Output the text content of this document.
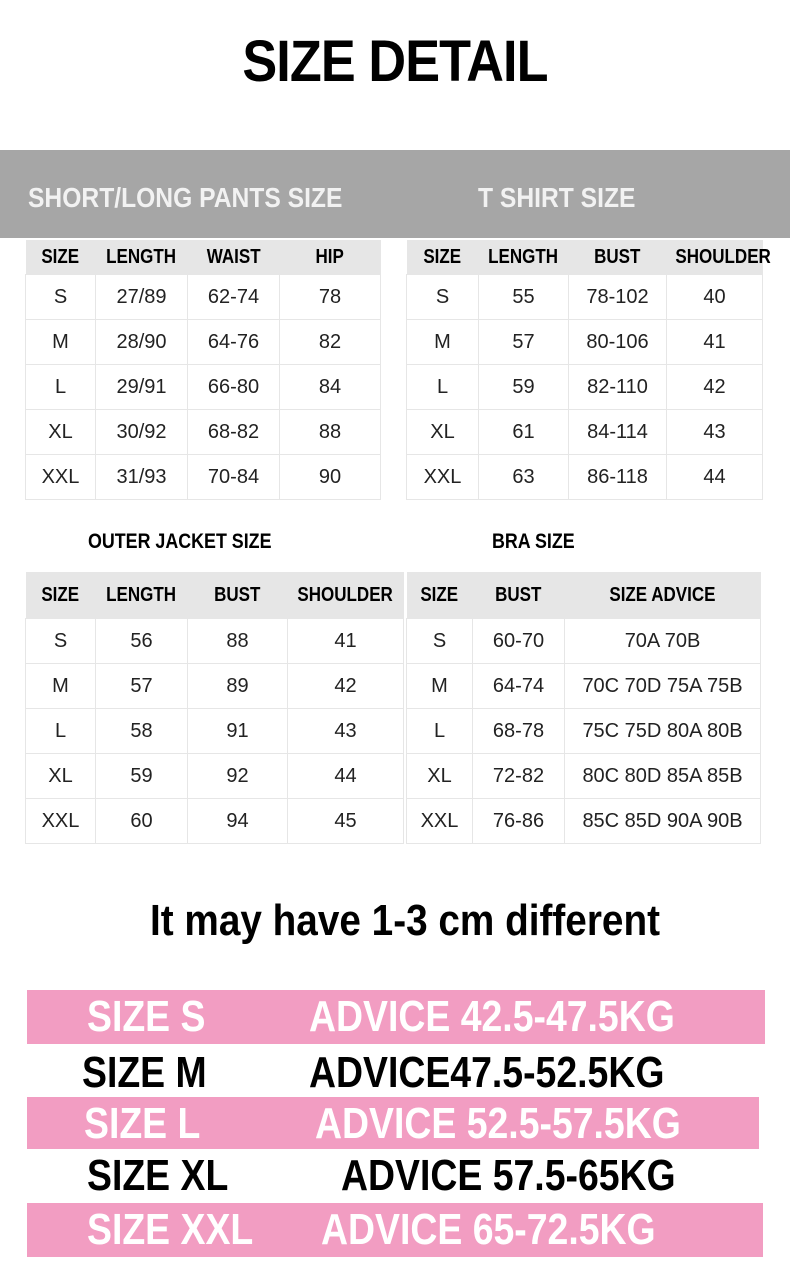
SIZE DETAIL
SHORT/LONG PANTS SIZE	T SHIRT SIZE
SIZE	LENGTH	WAIST	HIP
S	27/89	62-74	78
M	28/90	64-76	82
L	29/91	66-80	84
XL	30/92	68-82	88
XXL	31/93	70-84	90
SIZE	LENGTH	BUST	SHOULDER
S	55	78-102	40
M	57	80-106	41
L	59	82-110	42
XL	61	84-114	43
XXL	63	86-118	44
OUTER JACKET SIZE	BRA SIZE
SIZE	LENGTH	BUST	SHOULDER
S	56	88	41
M	57	89	42
L	58	91	43
XL	59	92	44
XXL	60	94	45
SIZE	BUST	SIZE ADVICE
S	60-70	70A 70B
M	64-74	70C 70D 75A 75B
L	68-78	75C 75D 80A 80B
XL	72-82	80C 80D 85A 85B
XXL	76-86	85C 85D 90A 90B
It may have 1-3 cm different
SIZE S ADVICE 42.5-47.5KG
SIZE M ADVICE47.5-52.5KG
SIZE L	ADVICE 52.5-57.5KG
SIZE XL	ADVICE 57.5-65KG
SIZE XXL ADVICE 65-72.5KG
